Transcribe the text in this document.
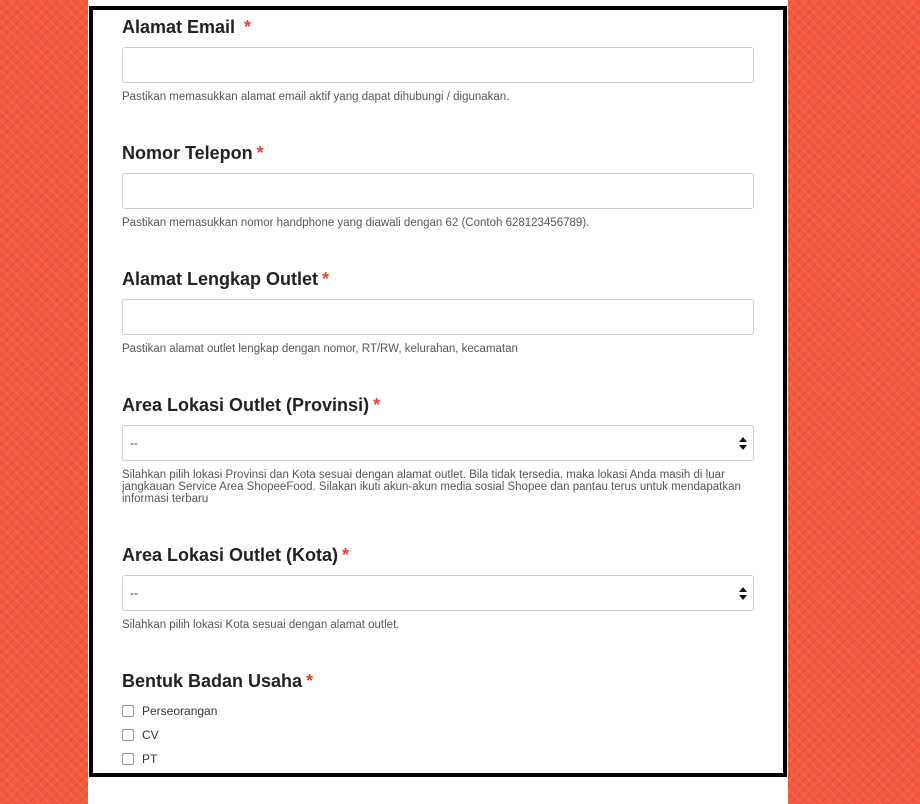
Alamat Email *
Pastikan memasukkan alamat email aktif yang dapat dihubungi / digunakan.
Nomor Telepon *
Pastikan memasukkan nomor handphone yang diawali dengan 62 (Contoh 628123456789).
Alamat Lengkap Outlet *
Pastikan alamat outlet lengkap dengan nomor, RT/RW, kelurahan, kecamatan
Area Lokasi Outlet (Provinsi) *
--
Silahkan pilih lokasi Provinsi dan Kota sesuai dengan alamat outlet. Bila tidak tersedia, maka lokasi Anda masih di luar jangkauan Service Area ShopeeFood. Silakan ikuti akun-akun media sosial Shopee dan pantau terus untuk mendapatkan informasi terbaru
Area Lokasi Outlet (Kota) *
--
Silahkan pilih lokasi Kota sesuai dengan alamat outlet.
Bentuk Badan Usaha *
Perseorangan
CV
PT
